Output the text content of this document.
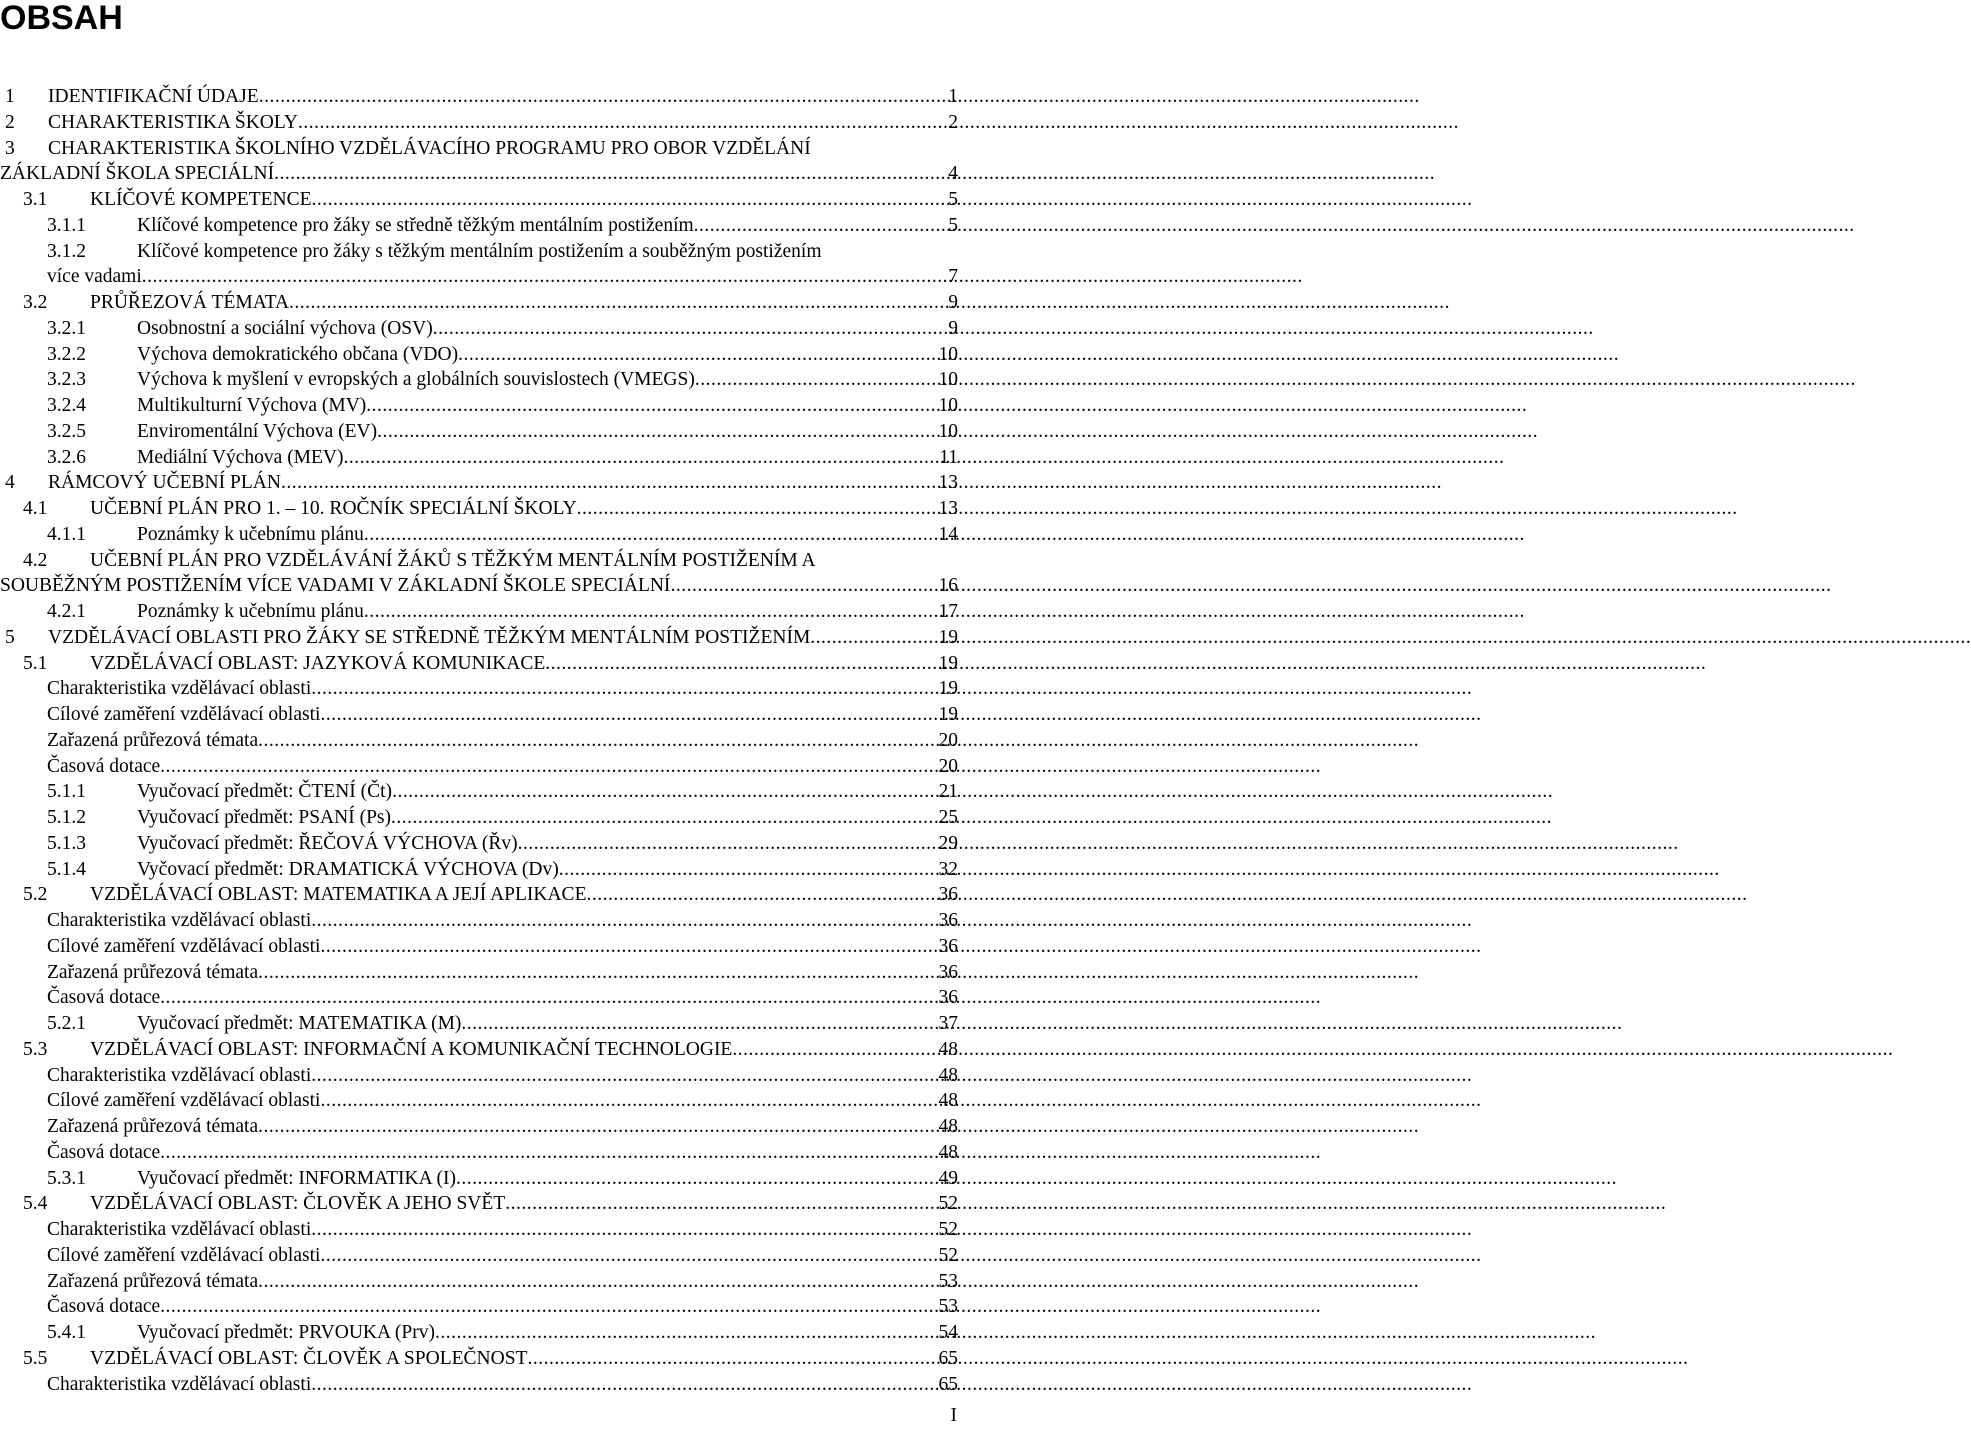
OBSAH
1 IDENTIFIKAČNÍ ÚDAJE .....	1
2 CHARAKTERISTIKA ŠKOLY .....	2
3 CHARAKTERISTIKA ŠKOLNÍHO VZDĚLÁVACÍHO PROGRAMU PRO OBOR VZDĚLÁNÍ
ZÁKLADNÍ ŠKOLA SPECIÁLNÍ .....	4
3.1 KLÍČOVÉ KOMPETENCE .....	5
3.1.1	Klíčové kompetence pro žáky se středně těžkým mentálním postižením .....	5
3.1.2	Klíčové kompetence pro žáky s těžkým mentálním postižením a souběžným postižením
více vadami .....	7
3.2 PRŮŘEZOVÁ TÉMATA .....	9
3.2.1	Osobnostní a sociální výchova (OSV) .....	9
3.2.2	Výchova demokratického občana (VDO) .....	10
3.2.3	Výchova k myšlení v evropských a globálních souvislostech (VMEGS) .....	10
3.2.4	Multikulturní Výchova (MV) .....	10
3.2.5	Enviromentální Výchova (EV) .....	10
3.2.6	Mediální Výchova (MEV) .....	11
4 RÁMCOVÝ UČEBNÍ PLÁN .....	13
4.1 UČEBNÍ PLÁN PRO 1. – 10. ROČNÍK SPECIÁLNÍ ŠKOLY .....	13
4.1.1	Poznámky k učebnímu plánu .....	14
4.2 UČEBNÍ PLÁN PRO VZDĚLÁVÁNÍ ŽÁKŮ S TĚŽKÝM MENTÁLNÍM POSTIŽENÍM A
SOUBĚŽNÝM POSTIŽENÍM VÍCE VADAMI V ZÁKLADNÍ ŠKOLE SPECIÁLNÍ .....	16
4.2.1	Poznámky k učebnímu plánu .....	17
5 VZDĚLÁVACÍ OBLASTI PRO ŽÁKY SE STŘEDNĚ TĚŽKÝM MENTÁLNÍM POSTIŽENÍM .....	19
5.1 VZDĚLÁVACÍ OBLAST: JAZYKOVÁ KOMUNIKACE .....	19
Charakteristika vzdělávací oblasti .....	19
Cílové zaměření vzdělávací oblasti .....	19
Zařazená průřezová témata .....	20
Časová dotace .....	20
5.1.1	Vyučovací předmět: ČTENÍ (Čt) .....	21
5.1.2	Vyučovací předmět: PSANÍ (Ps) .....	25
5.1.3	Vyučovací předmět: ŘEČOVÁ VÝCHOVA (Řv) .....	29
5.1.4	Vyčovací předmět: DRAMATICKÁ VÝCHOVA (Dv) .....	32
5.2 VZDĚLÁVACÍ OBLAST: MATEMATIKA A JEJÍ APLIKACE .....	36
Charakteristika vzdělávací oblasti .....	36
Cílové zaměření vzdělávací oblasti .....	36
Zařazená průřezová témata .....	36
Časová dotace .....	36
5.2.1	Vyučovací předmět: MATEMATIKA (M) .....	37
5.3 VZDĚLÁVACÍ OBLAST: INFORMAČNÍ A KOMUNIKAČNÍ TECHNOLOGIE .....	48
Charakteristika vzdělávací oblasti .....	48
Cílové zaměření vzdělávací oblasti .....	48
Zařazená průřezová témata .....	48
Časová dotace .....	48
5.3.1	Vyučovací předmět: INFORMATIKA (I) .....	49
5.4 VZDĚLÁVACÍ OBLAST: ČLOVĚK A JEHO SVĚT .....	52
Charakteristika vzdělávací oblasti .....	52
Cílové zaměření vzdělávací oblasti .....	52
Zařazená průřezová témata .....	53
Časová dotace .....	53
5.4.1	Vyučovací předmět: PRVOUKA (Prv) .....	54
5.5 VZDĚLÁVACÍ OBLAST: ČLOVĚK A SPOLEČNOST .....	65
Charakteristika vzdělávací oblasti .....	65
I
